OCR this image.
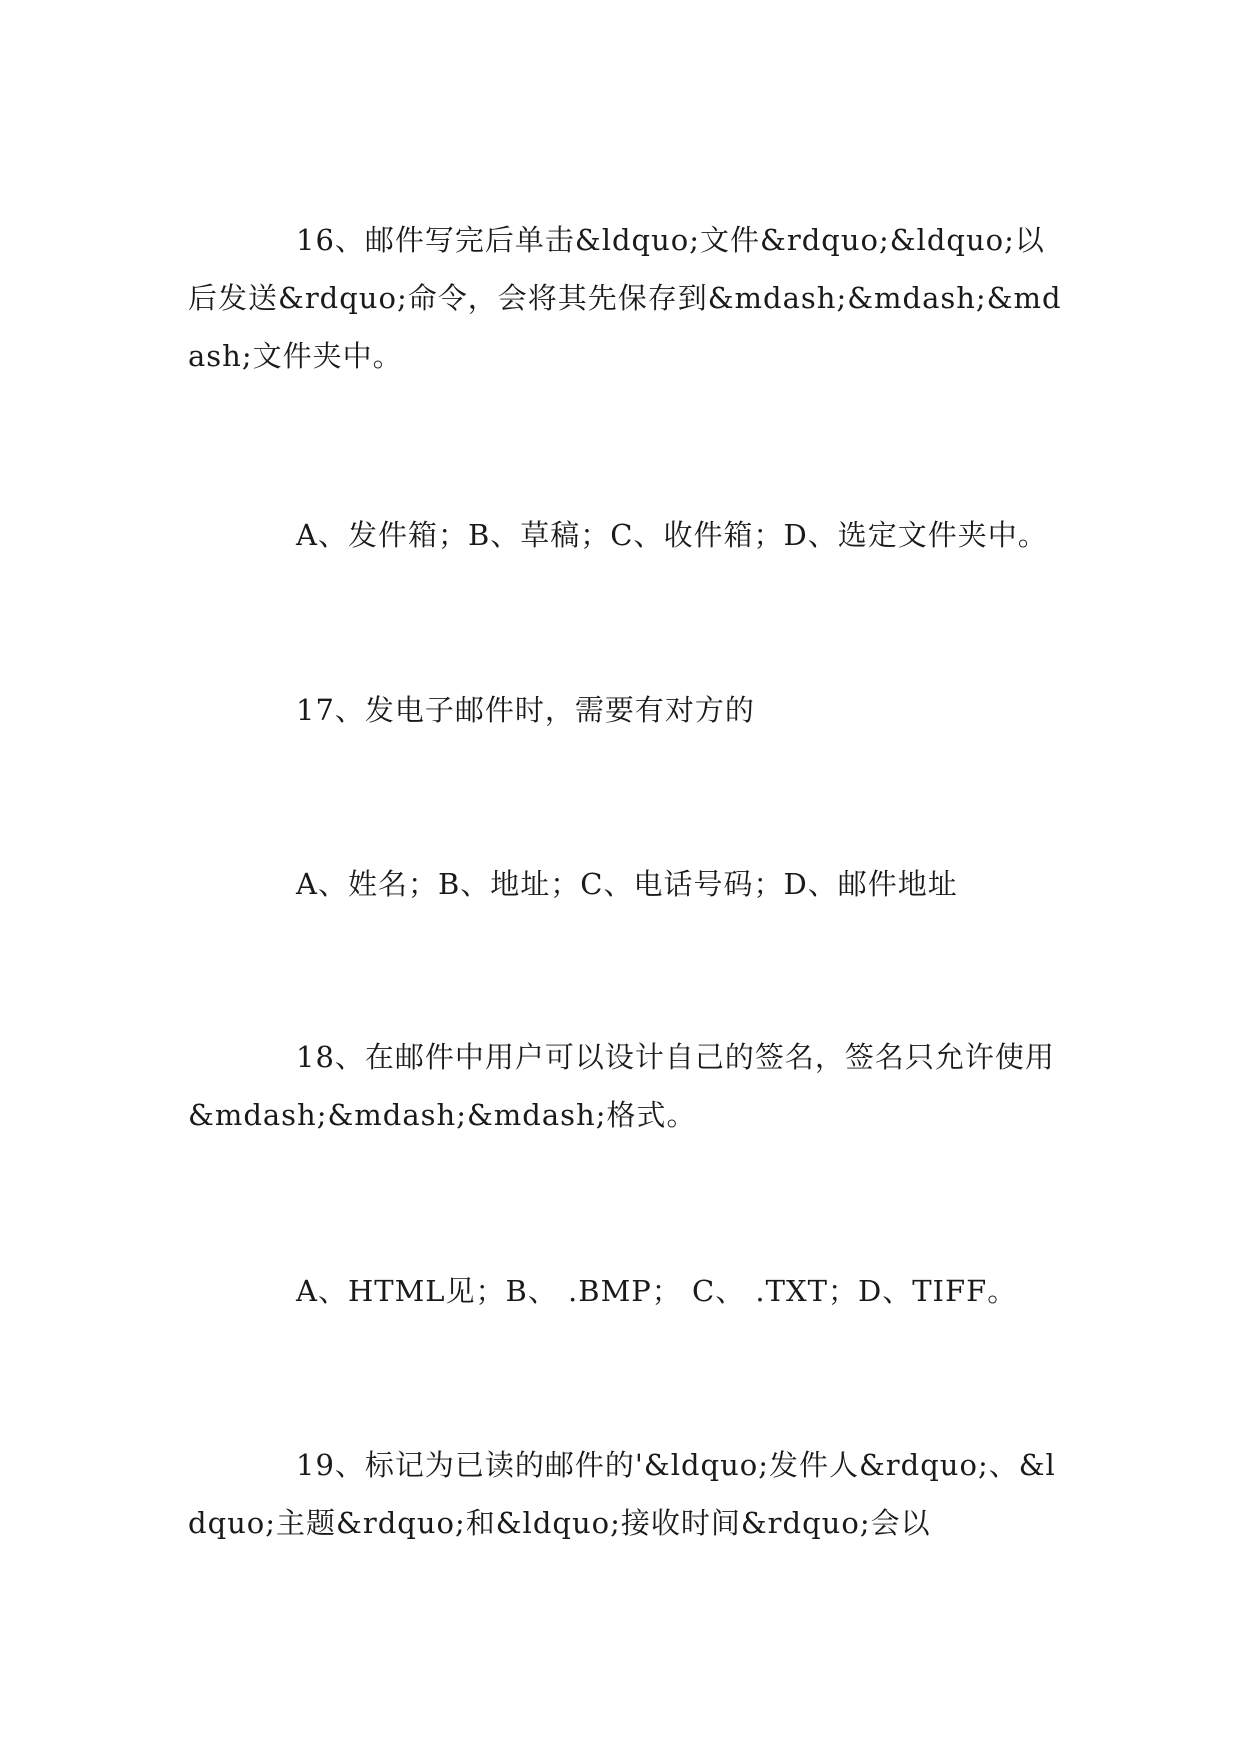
16、邮件写完后单击&ldquo;文件&rdquo;&ldquo;以后发送&rdquo;命令，会将其先保存到&mdash;&mdash;&mdash;文件夹中。

A、发件箱；B、草稿；C、收件箱；D、选定文件夹中。

17、发电子邮件时，需要有对方的

A、姓名；B、地址；C、电话号码；D、邮件地址

18、在邮件中用户可以设计自己的签名，签名只允许使用&mdash;&mdash;&mdash;格式。

A、HTML见；B、 .BMP； C、 .TXT；D、TIFF。

19、标记为已读的邮件的'&ldquo;发件人&rdquo;、&ldquo;主题&rdquo;和&ldquo;接收时间&rdquo;会以
